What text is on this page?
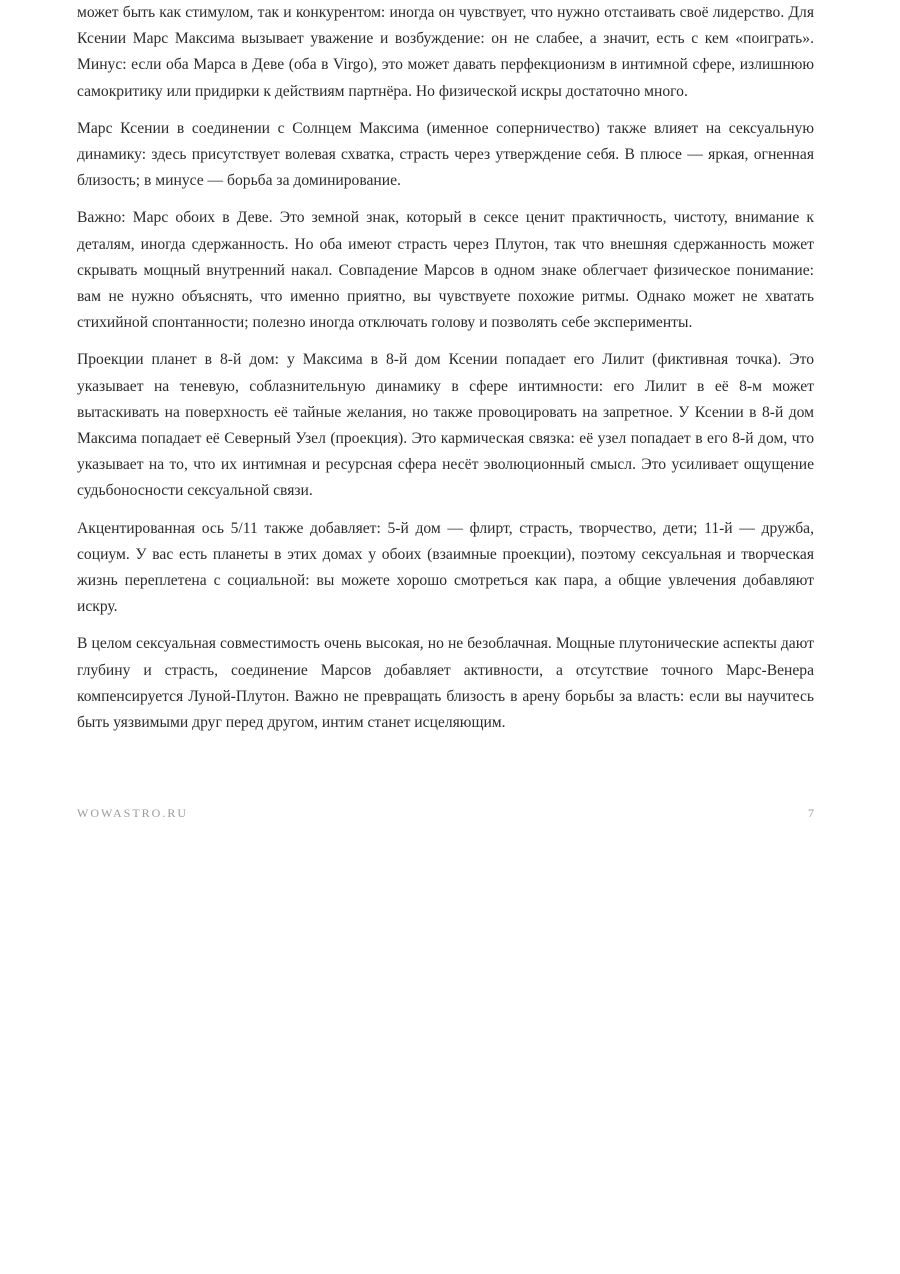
может быть как стимулом, так и конкурентом: иногда он чувствует, что нужно отстаивать своё лидерство. Для Ксении Марс Максима вызывает уважение и возбуждение: он не слабее, а значит, есть с кем «поиграть». Минус: если оба Марса в Деве (оба в Virgo), это может давать перфекционизм в интимной сфере, излишнюю самокритику или придирки к действиям партнёра. Но физической искры достаточно много.

Марс Ксении в соединении с Солнцем Максима (именное соперничество) также влияет на сексуальную динамику: здесь присутствует волевая схватка, страсть через утверждение себя. В плюсе — яркая, огненная близость; в минусе — борьба за доминирование.

Важно: Марс обоих в Деве. Это земной знак, который в сексе ценит практичность, чистоту, внимание к деталям, иногда сдержанность. Но оба имеют страсть через Плутон, так что внешняя сдержанность может скрывать мощный внутренний накал. Совпадение Марсов в одном знаке облегчает физическое понимание: вам не нужно объяснять, что именно приятно, вы чувствуете похожие ритмы. Однако может не хватать стихийной спонтанности; полезно иногда отключать голову и позволять себе эксперименты.

Проекции планет в 8-й дом: у Максима в 8-й дом Ксении попадает его Лилит (фиктивная точка). Это указывает на теневую, соблазнительную динамику в сфере интимности: его Лилит в её 8-м может вытаскивать на поверхность её тайные желания, но также провоцировать на запретное. У Ксении в 8-й дом Максима попадает её Северный Узел (проекция). Это кармическая связка: её узел попадает в его 8-й дом, что указывает на то, что их интимная и ресурсная сфера несёт эволюционный смысл. Это усиливает ощущение судьбоносности сексуальной связи.

Акцентированная ось 5/11 также добавляет: 5-й дом — флирт, страсть, творчество, дети; 11-й — дружба, социум. У вас есть планеты в этих домах у обоих (взаимные проекции), поэтому сексуальная и творческая жизнь переплетена с социальной: вы можете хорошо смотреться как пара, а общие увлечения добавляют искру.

В целом сексуальная совместимость очень высокая, но не безоблачная. Мощные плутонические аспекты дают глубину и страсть, соединение Марсов добавляет активности, а отсутствие точного Марс-Венера компенсируется Луной-Плутон. Важно не превращать близость в арену борьбы за власть: если вы научитесь быть уязвимыми друг перед другом, интим станет исцеляющим.

WOWASTRO.RU	7
